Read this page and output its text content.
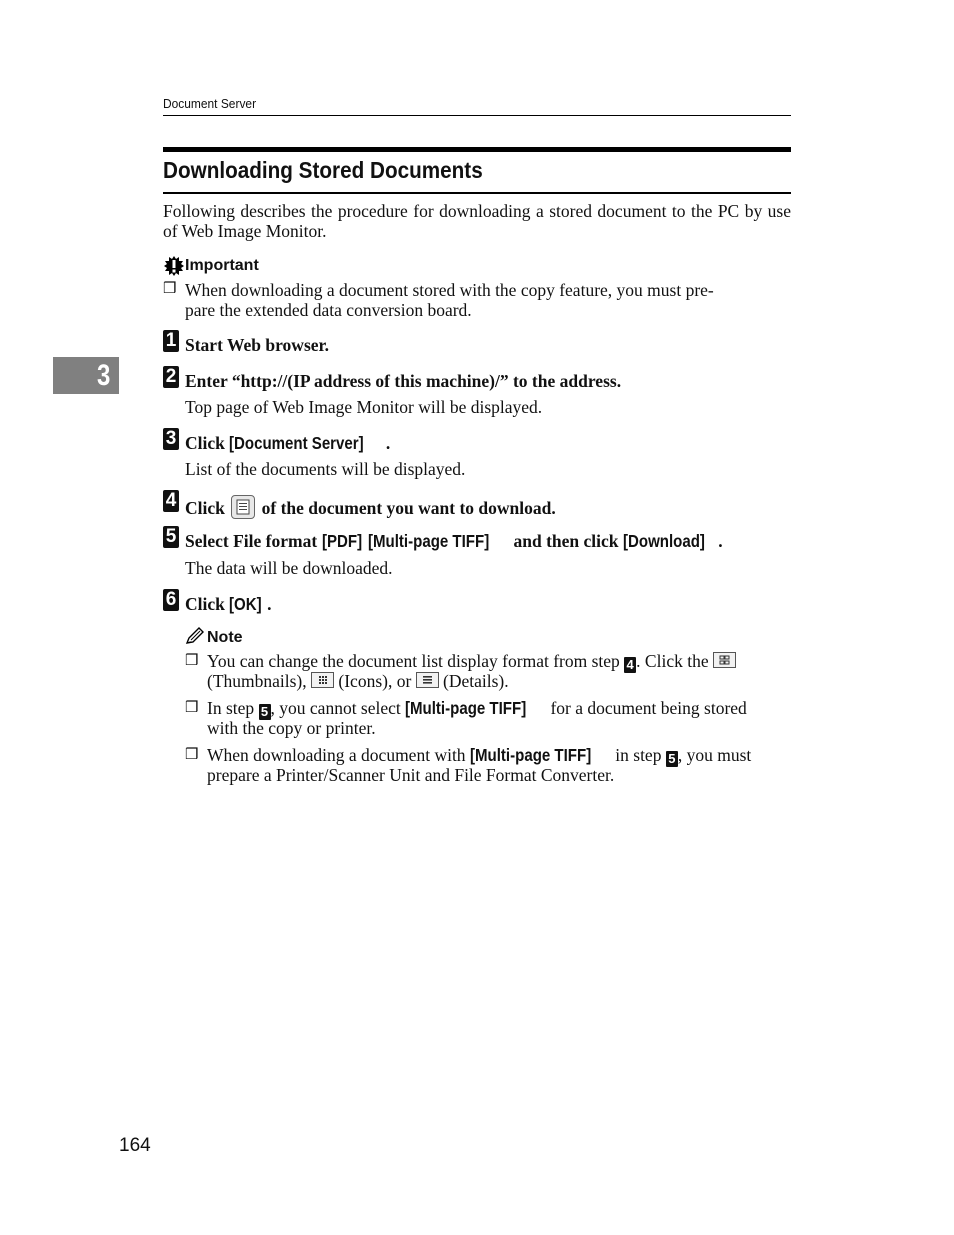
Document Server
Downloading Stored Documents
Following describes the procedure for downloading a stored document to the PC by use of Web Image Monitor.
Important
❒ When downloading a document stored with the copy feature, you must pre-
pare the extended data conversion board.
3
1 Start Web browser.
2 Enter “http://(IP address of this machine)/” to the address.
Top page of Web Image Monitor will be displayed.
3 Click [Document Server] .
List of the documents will be displayed.
4 Click
of the document you want to download.
5 Select File format [PDF] [Multi-page TIFF] and then click [Download] .
The data will be downloaded.
6 Click [OK] .
Note
❒ You can change the document list display format from step 4 . Click the
(Thumbnails),
(Icons), or
(Details).
❒ In step 5 , you cannot select [Multi-page TIFF] for a document being stored
with the copy or printer.
❒ When downloading a document with [Multi-page TIFF] in step 5 , you must
prepare a Printer/Scanner Unit and File Format Converter.
164
